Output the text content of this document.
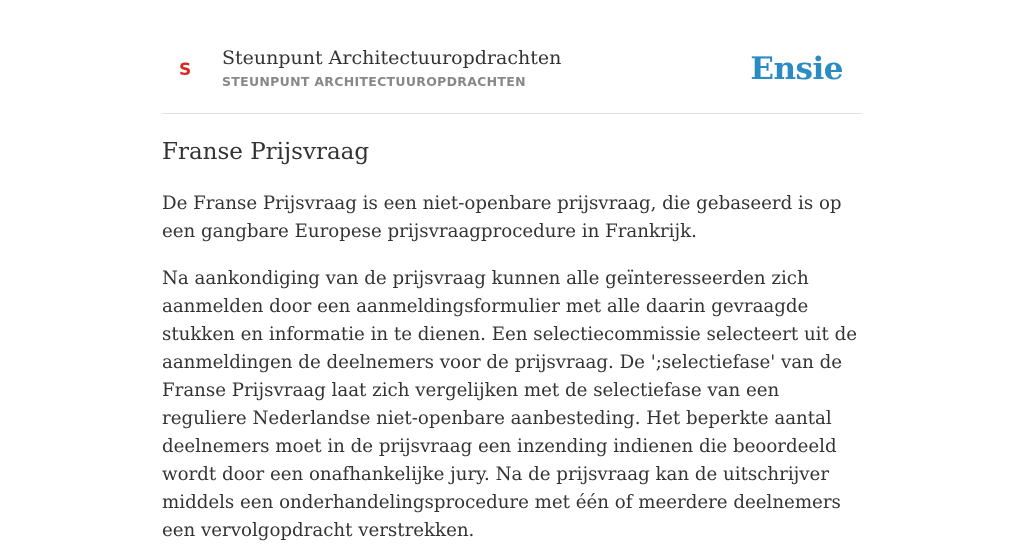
S
Steunpunt Architectuuropdrachten
STEUNPUNT ARCHITECTUUROPDRACHTEN	Ensie
Franse Prijsvraag

De Franse Prijsvraag is een niet-openbare prijsvraag, die gebaseerd is op een gangbare Europese prijsvraagprocedure in Frankrijk.

Na aankondiging van de prijsvraag kunnen alle geïnteresseerden zich aanmelden door een aanmeldingsformulier met alle daarin gevraagde stukken en informatie in te dienen. Een selectiecommissie selecteert uit de aanmeldingen de deelnemers voor de prijsvraag. De ';selectiefase' van de Franse Prijsvraag laat zich vergelijken met de selectiefase van een reguliere Nederlandse niet-openbare aanbesteding. Het beperkte aantal deelnemers moet in de prijsvraag een inzending indienen die beoordeeld wordt door een onafhankelijke jury. Na de prijsvraag kan de uitschrijver middels een onderhandelingsprocedure met één of meerdere deelnemers een vervolgopdracht verstrekken.
